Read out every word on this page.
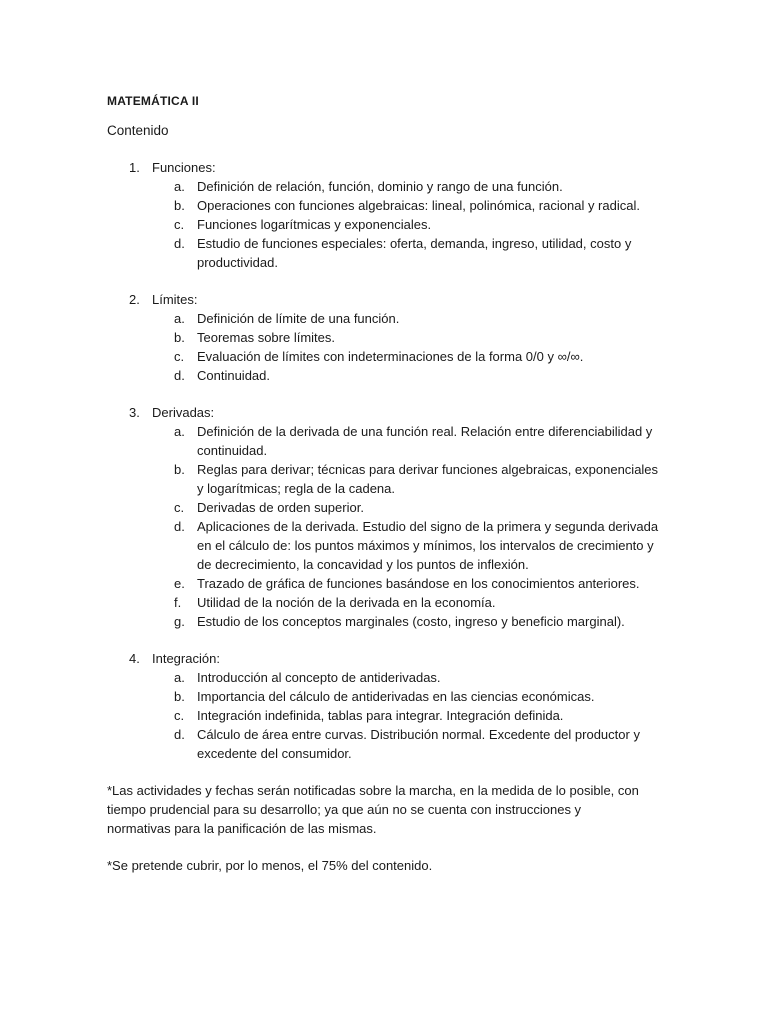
MATEMÁTICA II
Contenido
1. Funciones:
a. Definición de relación, función, dominio y rango de una función.
b. Operaciones con funciones algebraicas: lineal, polinómica, racional y radical.
c. Funciones logarítmicas y exponenciales.
d. Estudio de funciones especiales: oferta, demanda, ingreso, utilidad, costo y productividad.
2. Límites:
a. Definición de límite de una función.
b. Teoremas sobre límites.
c. Evaluación de límites con indeterminaciones de la forma 0/0 y ∞/∞.
d. Continuidad.
3. Derivadas:
a. Definición de la derivada de una función real. Relación entre diferenciabilidad y continuidad.
b. Reglas para derivar; técnicas para derivar funciones algebraicas, exponenciales y logarítmicas; regla de la cadena.
c. Derivadas de orden superior.
d. Aplicaciones de la derivada. Estudio del signo de la primera y segunda derivada en el cálculo de: los puntos máximos y mínimos, los intervalos de crecimiento y de decrecimiento, la concavidad y los puntos de inflexión.
e. Trazado de gráfica de funciones basándose en los conocimientos anteriores.
f. Utilidad de la noción de la derivada en la economía.
g. Estudio de los conceptos marginales (costo, ingreso y beneficio marginal).
4. Integración:
a. Introducción al concepto de antiderivadas.
b. Importancia del cálculo de antiderivadas en las ciencias económicas.
c. Integración indefinida, tablas para integrar. Integración definida.
d. Cálculo de área entre curvas. Distribución normal. Excedente del productor y excedente del consumidor.

*Las actividades y fechas serán notificadas sobre la marcha, en la medida de lo posible, con tiempo prudencial para su desarrollo; ya que aún no se cuenta con instrucciones y normativas para la panificación de las mismas.

*Se pretende cubrir, por lo menos, el 75% del contenido.
